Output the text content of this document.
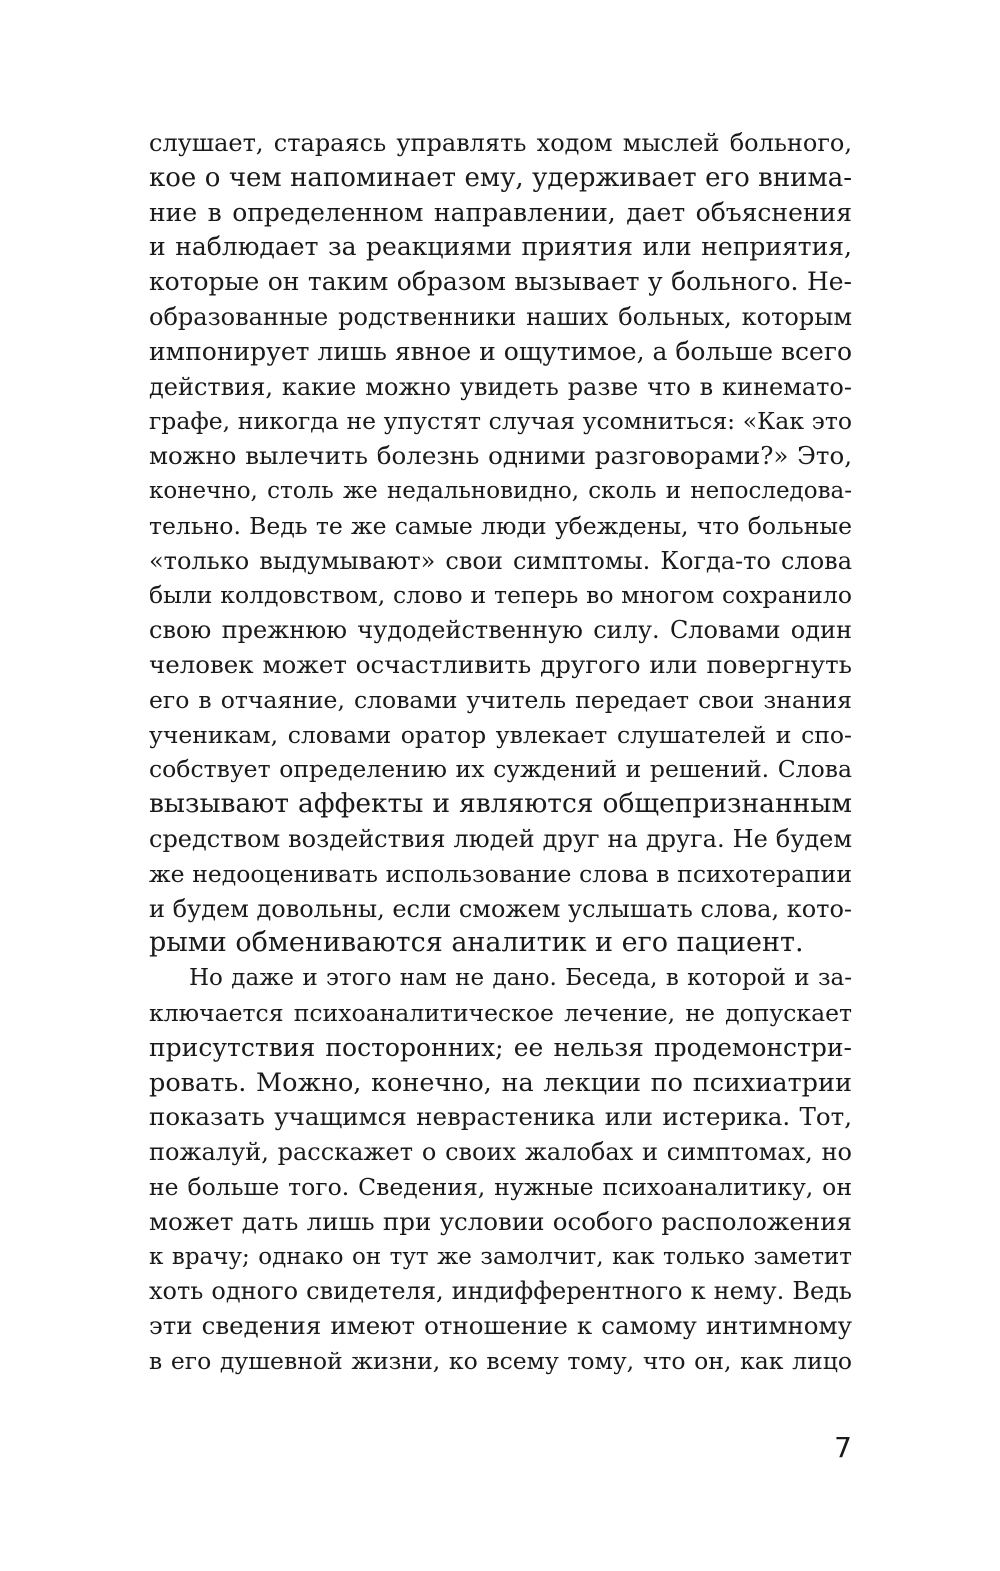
слушает, стараясь управлять ходом мыслей больного,
кое о чем напоминает ему, удерживает его внима-
ние в определенном направлении, дает объяснения
и наблюдает за реакциями приятия или неприятия,
которые он таким образом вызывает у больного. Не-
образованные родственники наших больных, которым
импонирует лишь явное и ощутимое, а больше всего
действия, какие можно увидеть разве что в кинемато-
графе, никогда не упустят случая усомниться: «Как это
можно вылечить болезнь одними разговорами?» Это,
конечно, столь же недальновидно, сколь и непоследова-
тельно. Ведь те же самые люди убеждены, что больные
«только выдумывают» свои симптомы. Когда-то слова
были колдовством, слово и теперь во многом сохранило
свою прежнюю чудодейственную силу. Словами один
человек может осчастливить другого или повергнуть
его в отчаяние, словами учитель передает свои знания
ученикам, словами оратор увлекает слушателей и спо-
собствует определению их суждений и решений. Слова
вызывают аффекты и являются общепризнанным
средством воздействия людей друг на друга. Не будем
же недооценивать использование слова в психотерапии
и будем довольны, если сможем услышать слова, кото-
рыми обмениваются аналитик и его пациент.
Но даже и этого нам не дано. Беседа, в которой и за-
ключается психоаналитическое лечение, не допускает
присутствия посторонних; ее нельзя продемонстри-
ровать. Можно, конечно, на лекции по психиатрии
показать учащимся неврастеника или истерика. Тот,
пожалуй, расскажет о своих жалобах и симптомах, но
не больше того. Сведения, нужные психоаналитику, он
может дать лишь при условии особого расположения
к врачу; однако он тут же замолчит, как только заметит
хоть одного свидетеля, индифферентного к нему. Ведь
эти сведения имеют отношение к самому интимному
в его душевной жизни, ко всему тому, что он, как лицо
7
